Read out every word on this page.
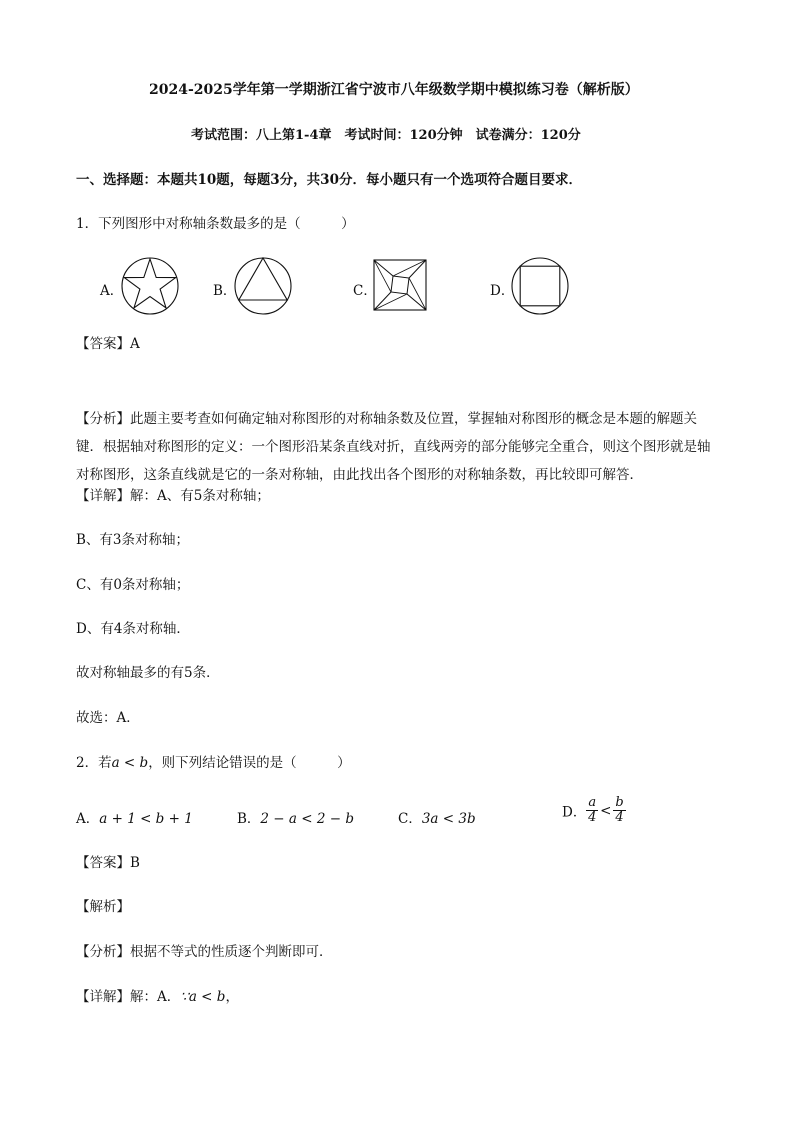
2024-2025学年第一学期浙江省宁波市八年级数学期中模拟练习卷（解析版）
考试范围：八上第1-4章　考试时间：120分钟　试卷满分：120分
一、选择题：本题共10题，每题3分，共30分．每小题只有一个选项符合题目要求．
1．下列图形中对称轴条数最多的是（　　　）
A．	B．	C．	D．
【答案】A
【分析】此题主要考查如何确定轴对称图形的对称轴条数及位置，掌握轴对称图形的概念是本题的解题关键．根据轴对称图形的定义：一个图形沿某条直线对折，直线两旁的部分能够完全重合，则这个图形就是轴对称图形，这条直线就是它的一条对称轴，由此找出各个图形的对称轴条数，再比较即可解答．
【详解】解：A、有5条对称轴；
B、有3条对称轴；
C、有0条对称轴；
D、有4条对称轴．
故对称轴最多的有5条．
故选：A．
2．若a < b，则下列结论错误的是（　　　）
A．a + 1 < b + 1	B．2 − a < 2 − b	C．3a < 3b	D． $\frac{a}{4} < \frac{b}{4}$
【答案】B
【解析】
【分析】根据不等式的性质逐个判断即可．
【详解】解：A．∵a < b，
